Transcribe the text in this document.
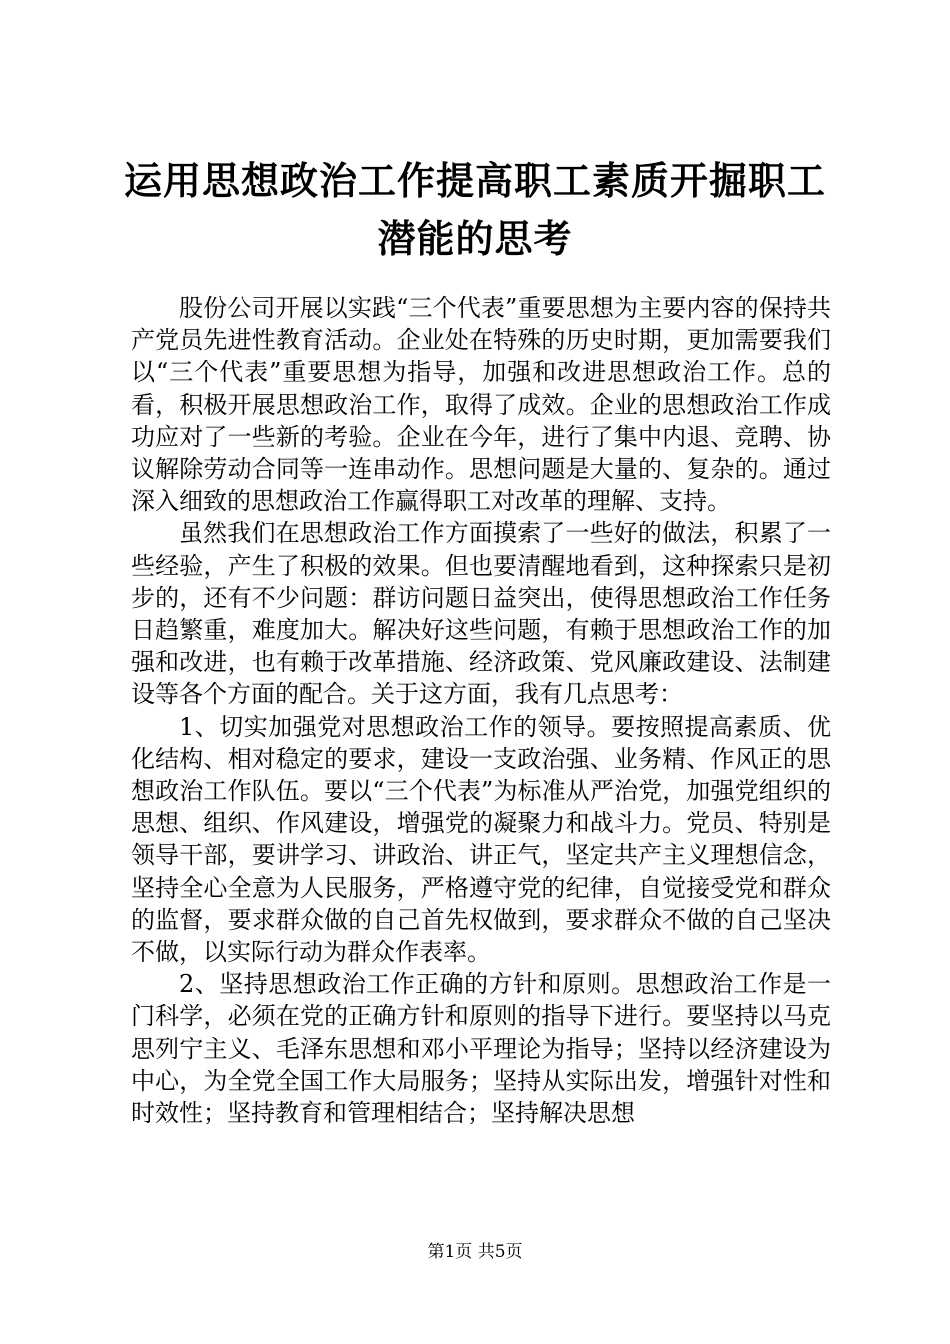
运用思想政治工作提高职工素质开掘职工潜能的思考

股份公司开展以实践“三个代表”重要思想为主要内容的保持共产党员先进性教育活动。企业处在特殊的历史时期，更加需要我们以“三个代表”重要思想为指导，加强和改进思想政治工作。总的看，积极开展思想政治工作，取得了成效。企业的思想政治工作成功应对了一些新的考验。企业在今年，进行了集中内退、竞聘、协议解除劳动合同等一连串动作。思想问题是大量的、复杂的。通过深入细致的思想政治工作赢得职工对改革的理解、支持。

虽然我们在思想政治工作方面摸索了一些好的做法，积累了一些经验，产生了积极的效果。但也要清醒地看到，这种探索只是初步的，还有不少问题：群访问题日益突出，使得思想政治工作任务日趋繁重，难度加大。解决好这些问题，有赖于思想政治工作的加强和改进，也有赖于改革措施、经济政策、党风廉政建设、法制建设等各个方面的配合。关于这方面，我有几点思考：

1、切实加强党对思想政治工作的领导。要按照提高素质、优化结构、相对稳定的要求，建设一支政治强、业务精、作风正的思想政治工作队伍。要以“三个代表”为标准从严治党，加强党组织的思想、组织、作风建设，增强党的凝聚力和战斗力。党员、特别是领导干部，要讲学习、讲政治、讲正气，坚定共产主义理想信念，坚持全心全意为人民服务，严格遵守党的纪律，自觉接受党和群众的监督，要求群众做的自己首先权做到，要求群众不做的自己坚决不做，以实际行动为群众作表率。

2、坚持思想政治工作正确的方针和原则。思想政治工作是一门科学，必须在党的正确方针和原则的指导下进行。要坚持以马克思列宁主义、毛泽东思想和邓小平理论为指导；坚持以经济建设为中心，为全党全国工作大局服务；坚持从实际出发，增强针对性和时效性；坚持教育和管理相结合；坚持解决思想

第1页 共5页
